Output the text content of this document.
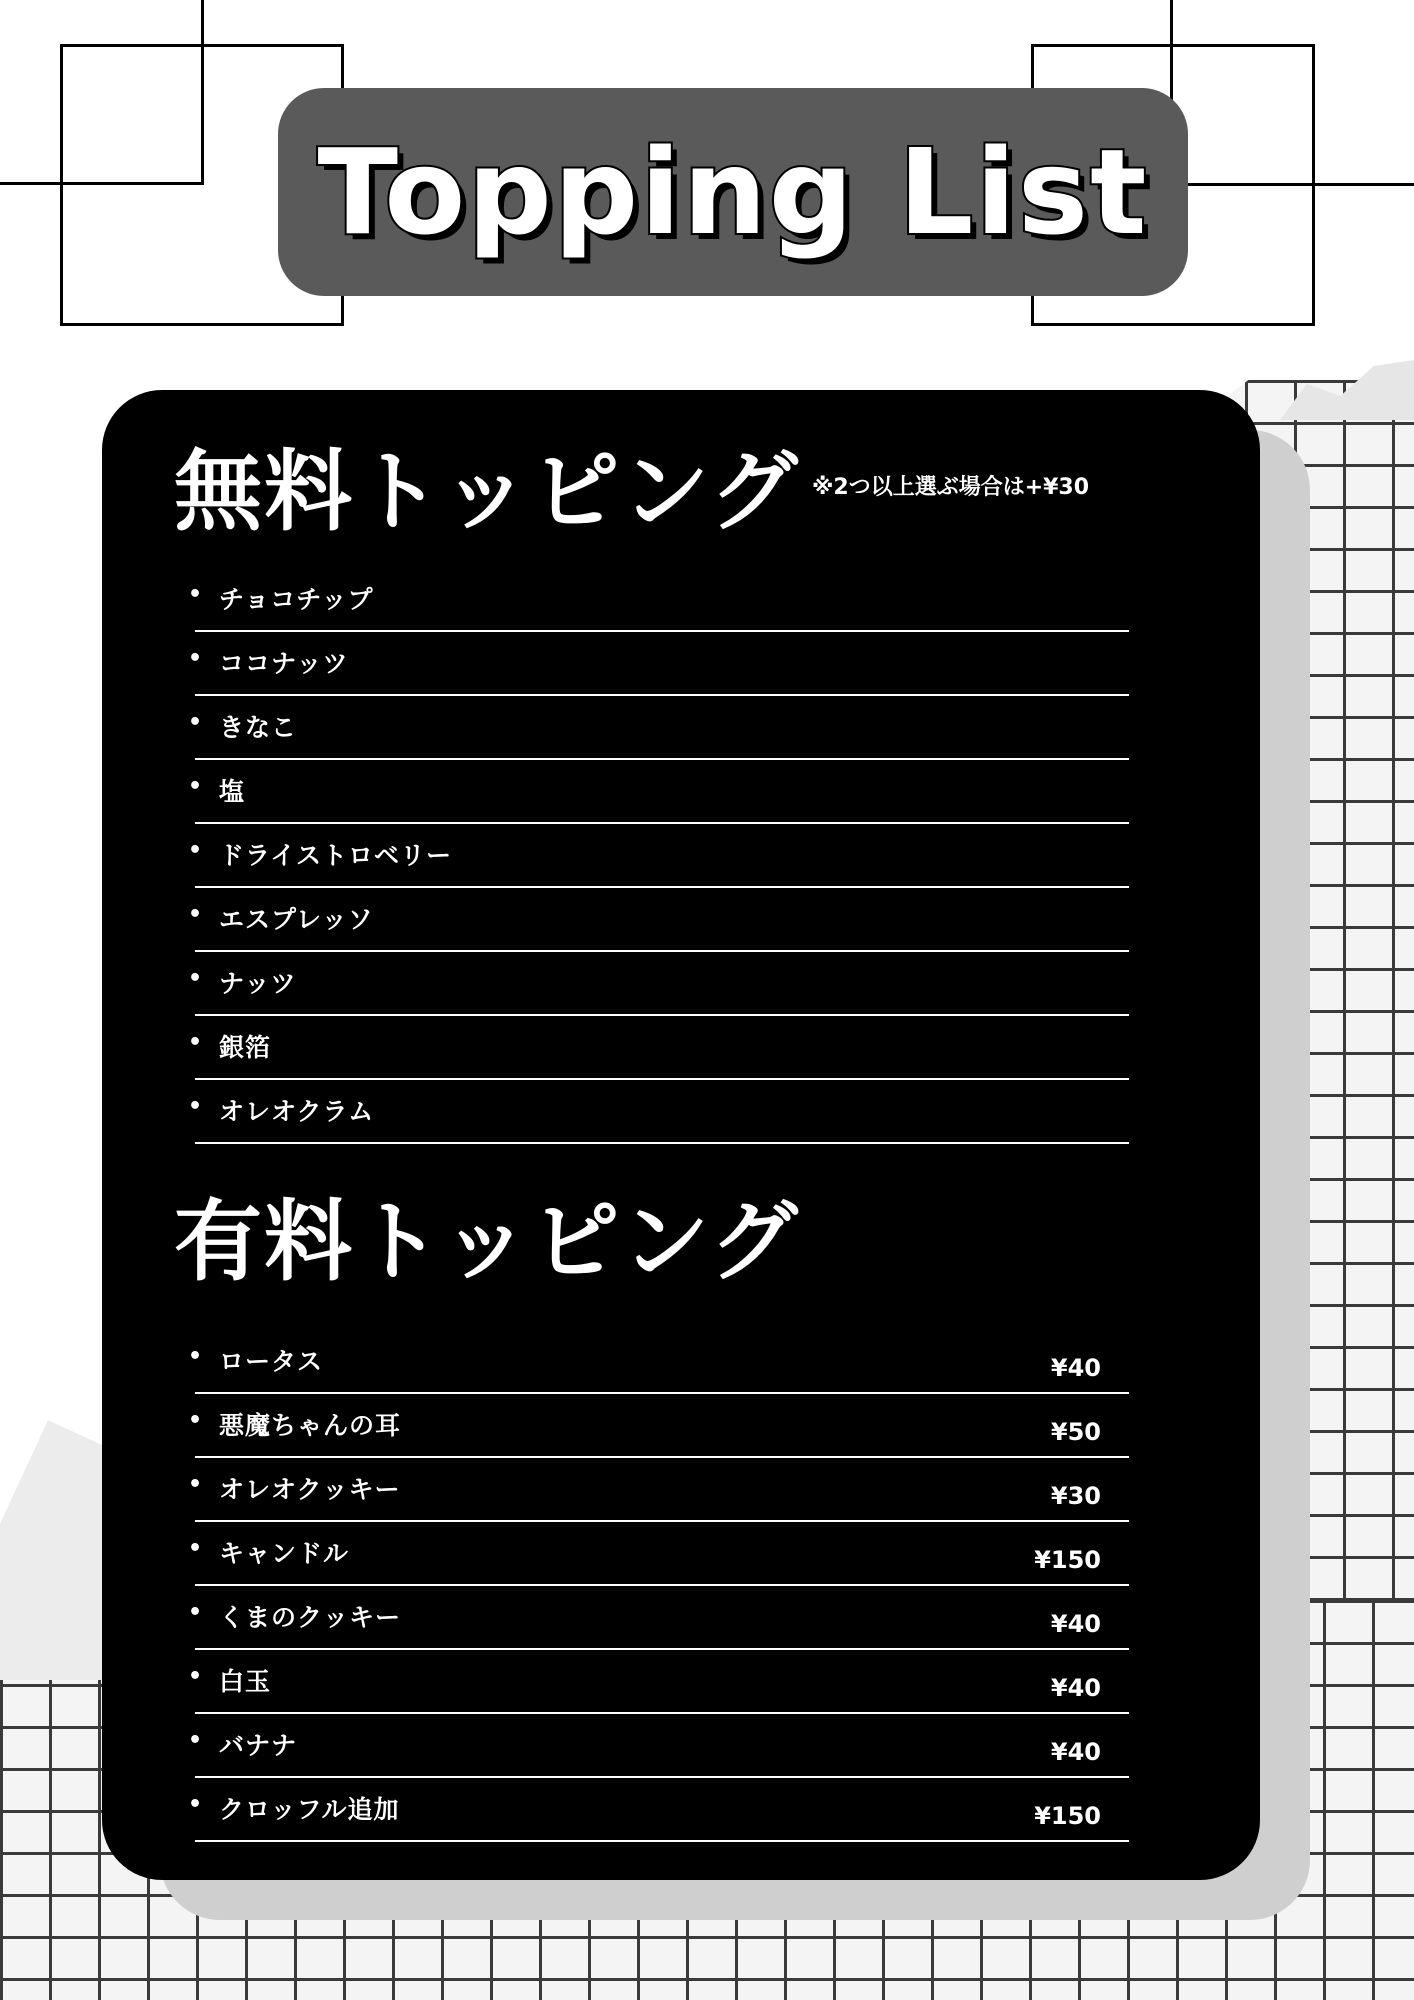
Topping List
無料トッピング ※2つ以上選ぶ場合は+¥30
• チョコチップ
• ココナッツ
• きなこ
• 塩
• ドライストロベリー
• エスプレッソ
• ナッツ
• 銀箔
• オレオクラム
有料トッピング
• ロータス	¥40
• 悪魔ちゃんの耳	¥50
• オレオクッキー	¥30
• キャンドル	¥150
• くまのクッキー	¥40
• 白玉	¥40
• バナナ	¥40
• クロッフル追加	¥150
